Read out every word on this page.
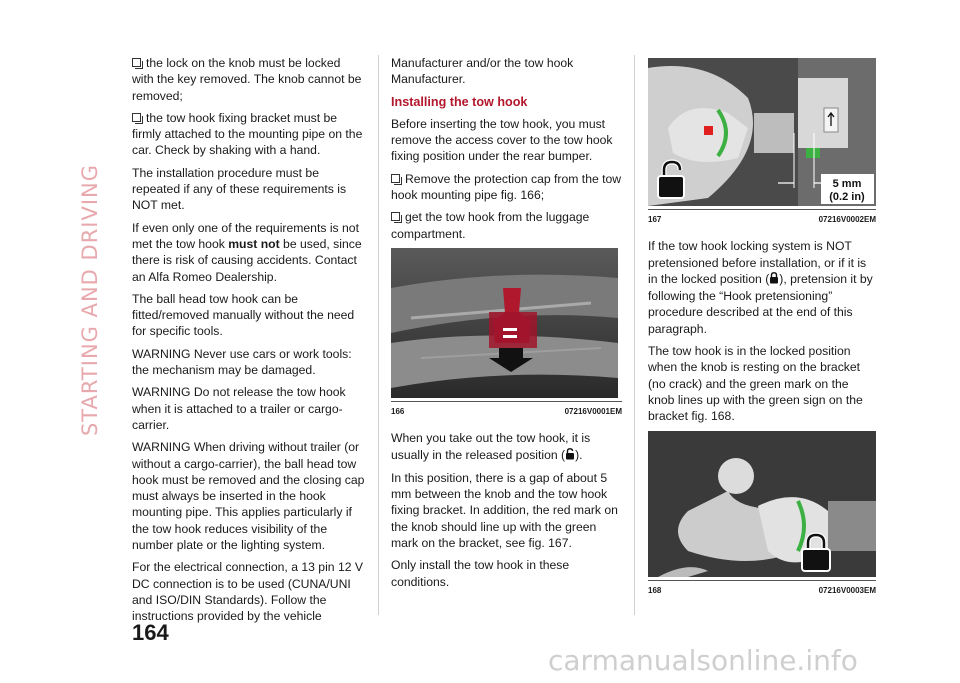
STARTING AND DRIVING

the lock on the knob must be locked with the key removed. The knob cannot be removed;

the tow hook fixing bracket must be firmly attached to the mounting pipe on the car. Check by shaking with a hand.

The installation procedure must be repeated if any of these requirements is NOT met.

If even only one of the requirements is not met the tow hook must not be used, since there is risk of causing accidents. Contact an Alfa Romeo Dealership.

The ball head tow hook can be fitted/removed manually without the need for specific tools.

WARNING Never use cars or work tools: the mechanism may be damaged.

WARNING Do not release the tow hook when it is attached to a trailer or cargo-carrier.

WARNING When driving without trailer (or without a cargo-carrier), the ball head tow hook must be removed and the closing cap must always be inserted in the hook mounting pipe. This applies particularly if the tow hook reduces visibility of the number plate or the lighting system.

For the electrical connection, a 13 pin 12 V DC connection is to be used (CUNA/UNI and ISO/DIN Standards). Follow the instructions provided by the vehicle

Manufacturer and/or the tow hook Manufacturer.

Installing the tow hook

Before inserting the tow hook, you must remove the access cover to the tow hook fixing position under the rear bumper.

Remove the protection cap from the tow hook mounting pipe fig. 166;

get the tow hook from the luggage compartment.

166	07216V0001EM

When you take out the tow hook, it is usually in the released position ( ).

In this position, there is a gap of about 5 mm between the knob and the tow hook fixing bracket. In addition, the red mark on the knob should line up with the green mark on the bracket, see fig. 167.

Only install the tow hook in these conditions.

5 mm
(0.2 in)
167	07216V0002EM

If the tow hook locking system is NOT pretensioned before installation, or if it is in the locked position ( ), pretension it by following the “Hook pretensioning” procedure described at the end of this paragraph.

The tow hook is in the locked position when the knob is resting on the bracket (no crack) and the green mark on the knob lines up with the green sign on the bracket fig. 168.

168	07216V0003EM
164
carmanualsonline.info
